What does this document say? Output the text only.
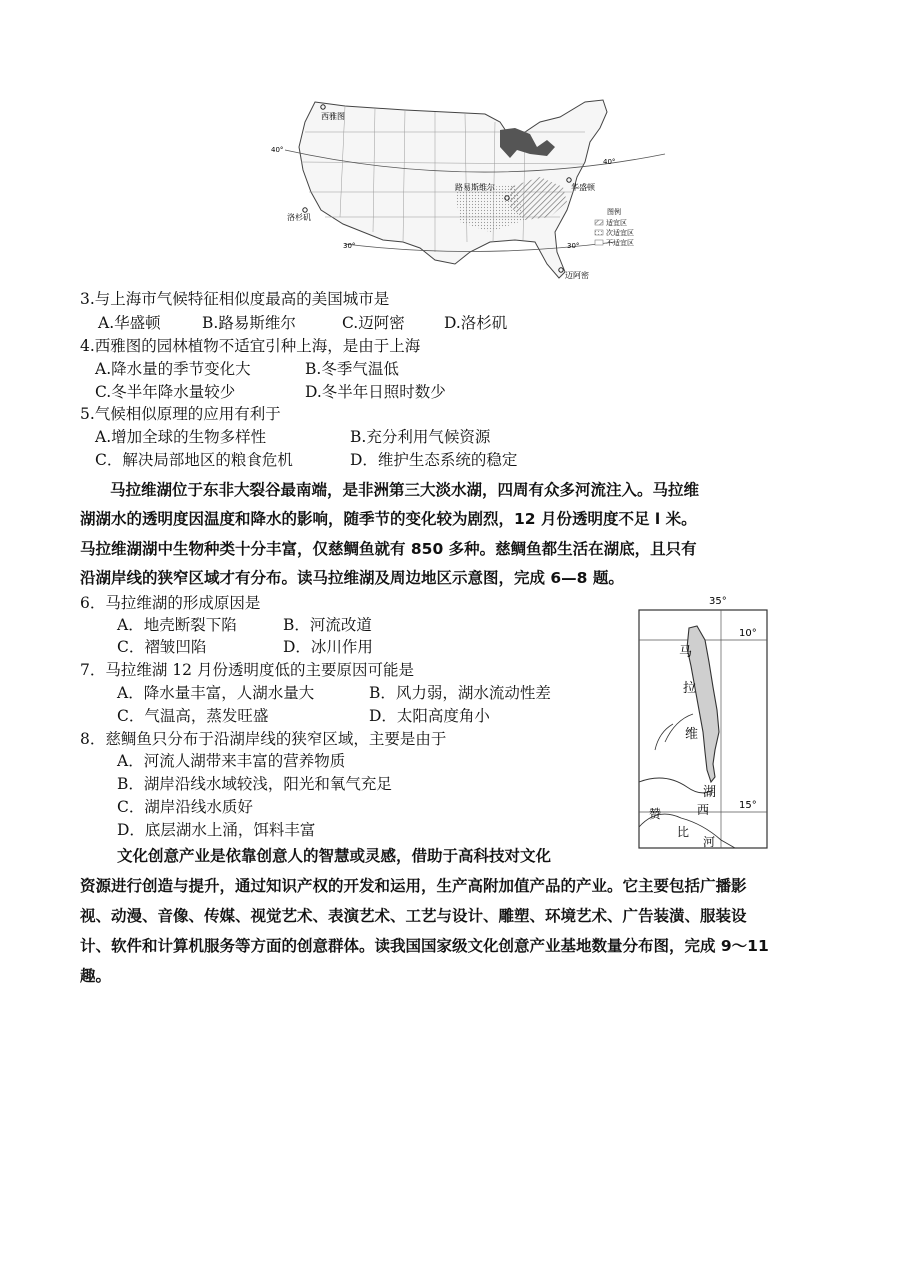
西雅图
洛杉矶
路易斯维尔	华盛顿
迈阿密
40°
40°
30°	30°
图例
适宜区
次适宜区
不适宜区
3.与上海市气候特征相似度最高的美国城市是
A.华盛顿	B.路易斯维尔	C.迈阿密	D.洛杉矶
4.西雅图的园林植物不适宜引种上海，是由于上海
A.降水量的季节变化大	B.冬季气温低
C.冬半年降水量较少	D.冬半年日照时数少
5.气候相似原理的应用有利于
A.增加全球的生物多样性	B.充分利用气候资源
C．解决局部地区的粮食危机	D．维护生态系统的稳定
马拉维湖位于东非大裂谷最南端，是非洲第三大淡水湖，四周有众多河流注入。马拉维
湖湖水的透明度因温度和降水的影响，随季节的变化较为剧烈，12 月份透明度不足 l 米。
马拉维湖湖中生物种类十分丰富，仅慈鲷鱼就有 850 多种。慈鲷鱼都生活在湖底，且只有
沿湖岸线的狭窄区域才有分布。读马拉维湖及周边地区示意图，完成 6—8 题。
6．马拉维湖的形成原因是
A．地壳断裂下陷	B．河流改道
C．褶皱凹陷	D．冰川作用
7．马拉维湖 12 月份透明度低的主要原因可能是
A．降水量丰富，人湖水量大	B．风力弱，湖水流动性差
C．气温高，蒸发旺盛	D．太阳高度角小
8．慈鲷鱼只分布于沿湖岸线的狭窄区域，主要是由于
A．河流人湖带来丰富的营养物质
B．湖岸沿线水域较浅，阳光和氧气充足
C．湖岸沿线水质好
D．底层湖水上涌，饵料丰富
35°
10°
15°
马
拉
维
湖
赞
比
西
河
文化创意产业是依靠创意人的智慧或灵感，借助于高科技对文化
资源进行创造与提升，通过知识产权的开发和运用，生产高附加值产品的产业。它主要包括广播影
视、动漫、音像、传媒、视觉艺术、表演艺术、工艺与设计、雕塑、环境艺术、广告装潢、服装设
计、软件和计算机服务等方面的创意群体。读我国国家级文化创意产业基地数量分布图，完成 9～11
趣。
